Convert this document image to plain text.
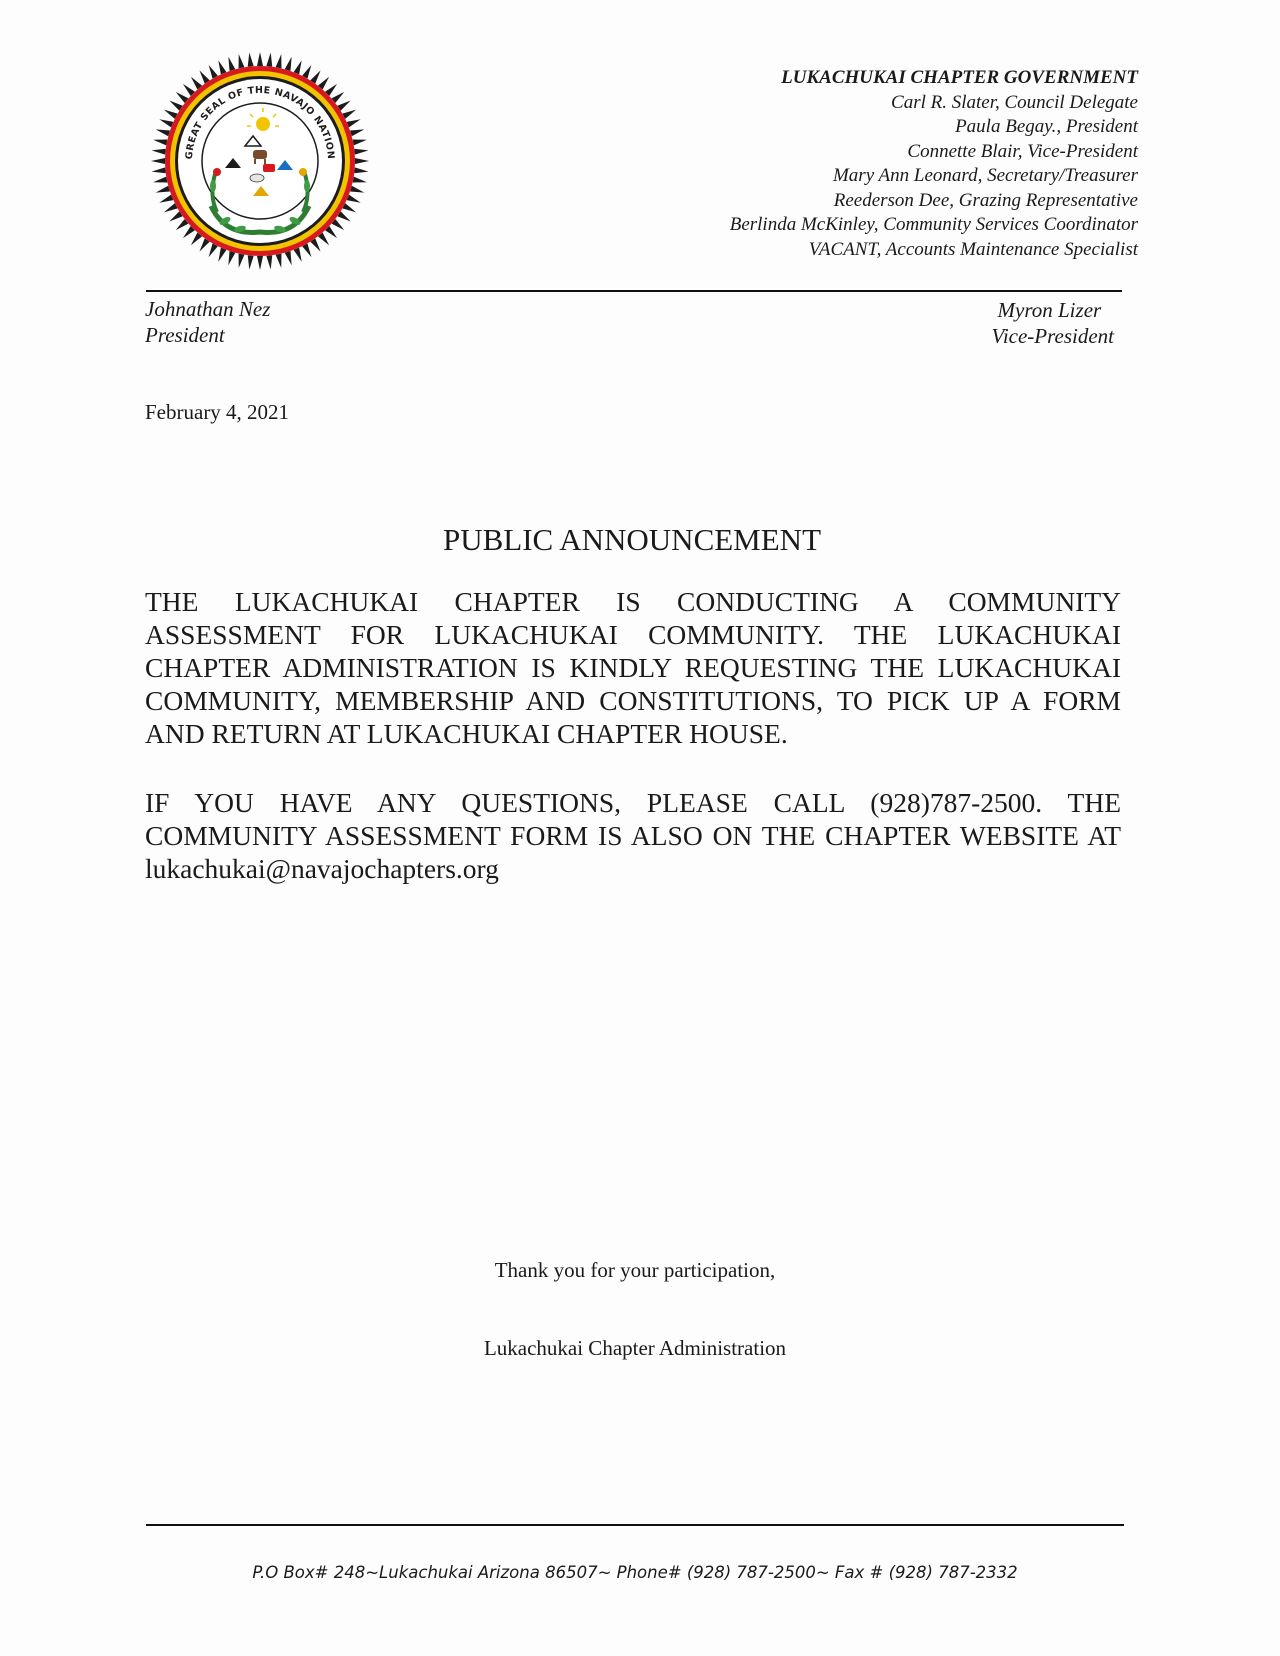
GREAT SEAL OF THE NAVAJO NATION
LUKACHUKAI CHAPTER GOVERNMENT
Carl R. Slater, Council Delegate
Paula Begay., President
Connette Blair, Vice-President
Mary Ann Leonard, Secretary/Treasurer
Reederson Dee, Grazing Representative
Berlinda McKinley, Community Services Coordinator
VACANT, Accounts Maintenance Specialist
Johnathan Nez
President
Myron Lizer
Vice-President
February 4, 2021
PUBLIC ANNOUNCEMENT
THE LUKACHUKAI CHAPTER IS CONDUCTING A COMMUNITY ASSESSMENT FOR LUKACHUKAI COMMUNITY. THE LUKACHUKAI CHAPTER ADMINISTRATION IS KINDLY REQUESTING THE LUKACHUKAI COMMUNITY, MEMBERSHIP AND CONSTITUTIONS, TO PICK UP A FORM AND RETURN AT LUKACHUKAI CHAPTER HOUSE.
IF YOU HAVE ANY QUESTIONS, PLEASE CALL (928)787-2500. THE COMMUNITY ASSESSMENT FORM IS ALSO ON THE CHAPTER WEBSITE AT lukachukai@navajochapters.org
Thank you for your participation,
Lukachukai Chapter Administration
P.O Box# 248~Lukachukai Arizona 86507~ Phone# (928) 787-2500~ Fax # (928) 787-2332
